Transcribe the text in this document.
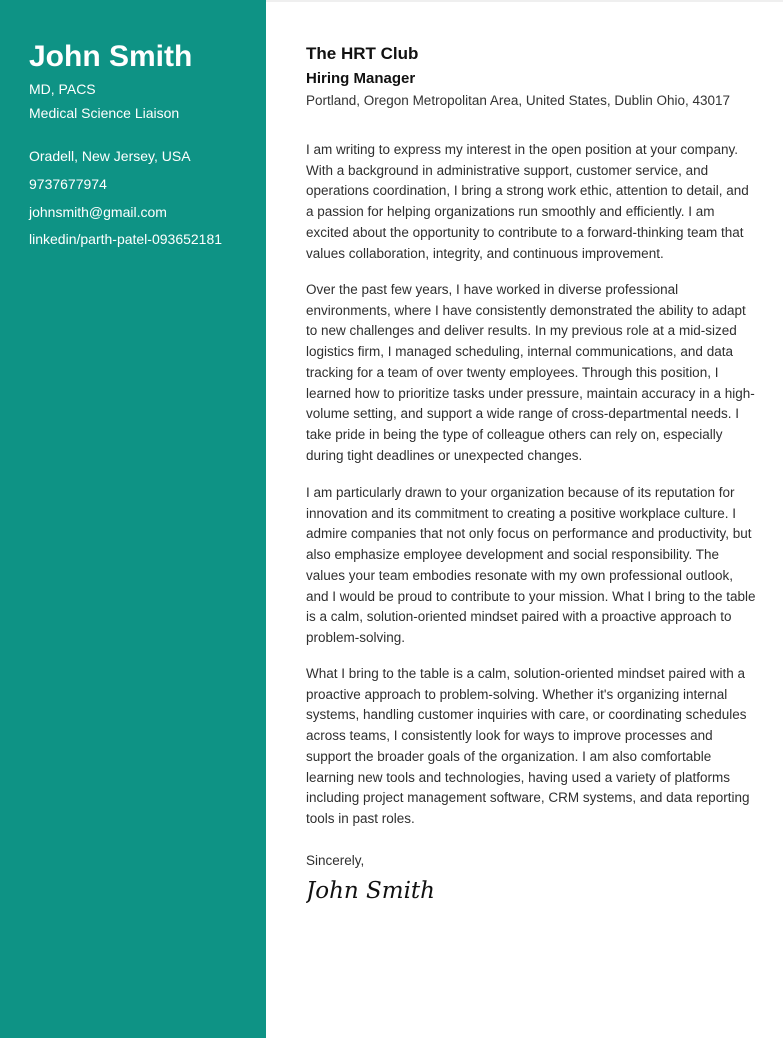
John Smith
MD, PACS
Medical Science Liaison
Oradell, New Jersey, USA
9737677974
johnsmith@gmail.com
linkedin/parth-patel-093652181
The HRT Club
Hiring Manager
Portland, Oregon Metropolitan Area, United States, Dublin Ohio, 43017

I am writing to express my interest in the open position at your company. With a background in administrative support, customer service, and operations coordination, I bring a strong work ethic, attention to detail, and a passion for helping organizations run smoothly and efficiently. I am excited about the opportunity to contribute to a forward-thinking team that values collaboration, integrity, and continuous improvement.

Over the past few years, I have worked in diverse professional environments, where I have consistently demonstrated the ability to adapt to new challenges and deliver results. In my previous role at a mid-sized logistics firm, I managed scheduling, internal communications, and data tracking for a team of over twenty employees. Through this position, I learned how to prioritize tasks under pressure, maintain accuracy in a high-volume setting, and support a wide range of cross-departmental needs. I take pride in being the type of colleague others can rely on, especially during tight deadlines or unexpected changes.

I am particularly drawn to your organization because of its reputation for innovation and its commitment to creating a positive workplace culture. I admire companies that not only focus on performance and productivity, but also emphasize employee development and social responsibility. The values your team embodies resonate with my own professional outlook, and I would be proud to contribute to your mission. What I bring to the table is a calm, solution-oriented mindset paired with a proactive approach to problem-solving.

What I bring to the table is a calm, solution-oriented mindset paired with a proactive approach to problem-solving. Whether it's organizing internal systems, handling customer inquiries with care, or coordinating schedules across teams, I consistently look for ways to improve processes and support the broader goals of the organization. I am also comfortable learning new tools and technologies, having used a variety of platforms including project management software, CRM systems, and data reporting tools in past roles.

Sincerely,
John Smith
